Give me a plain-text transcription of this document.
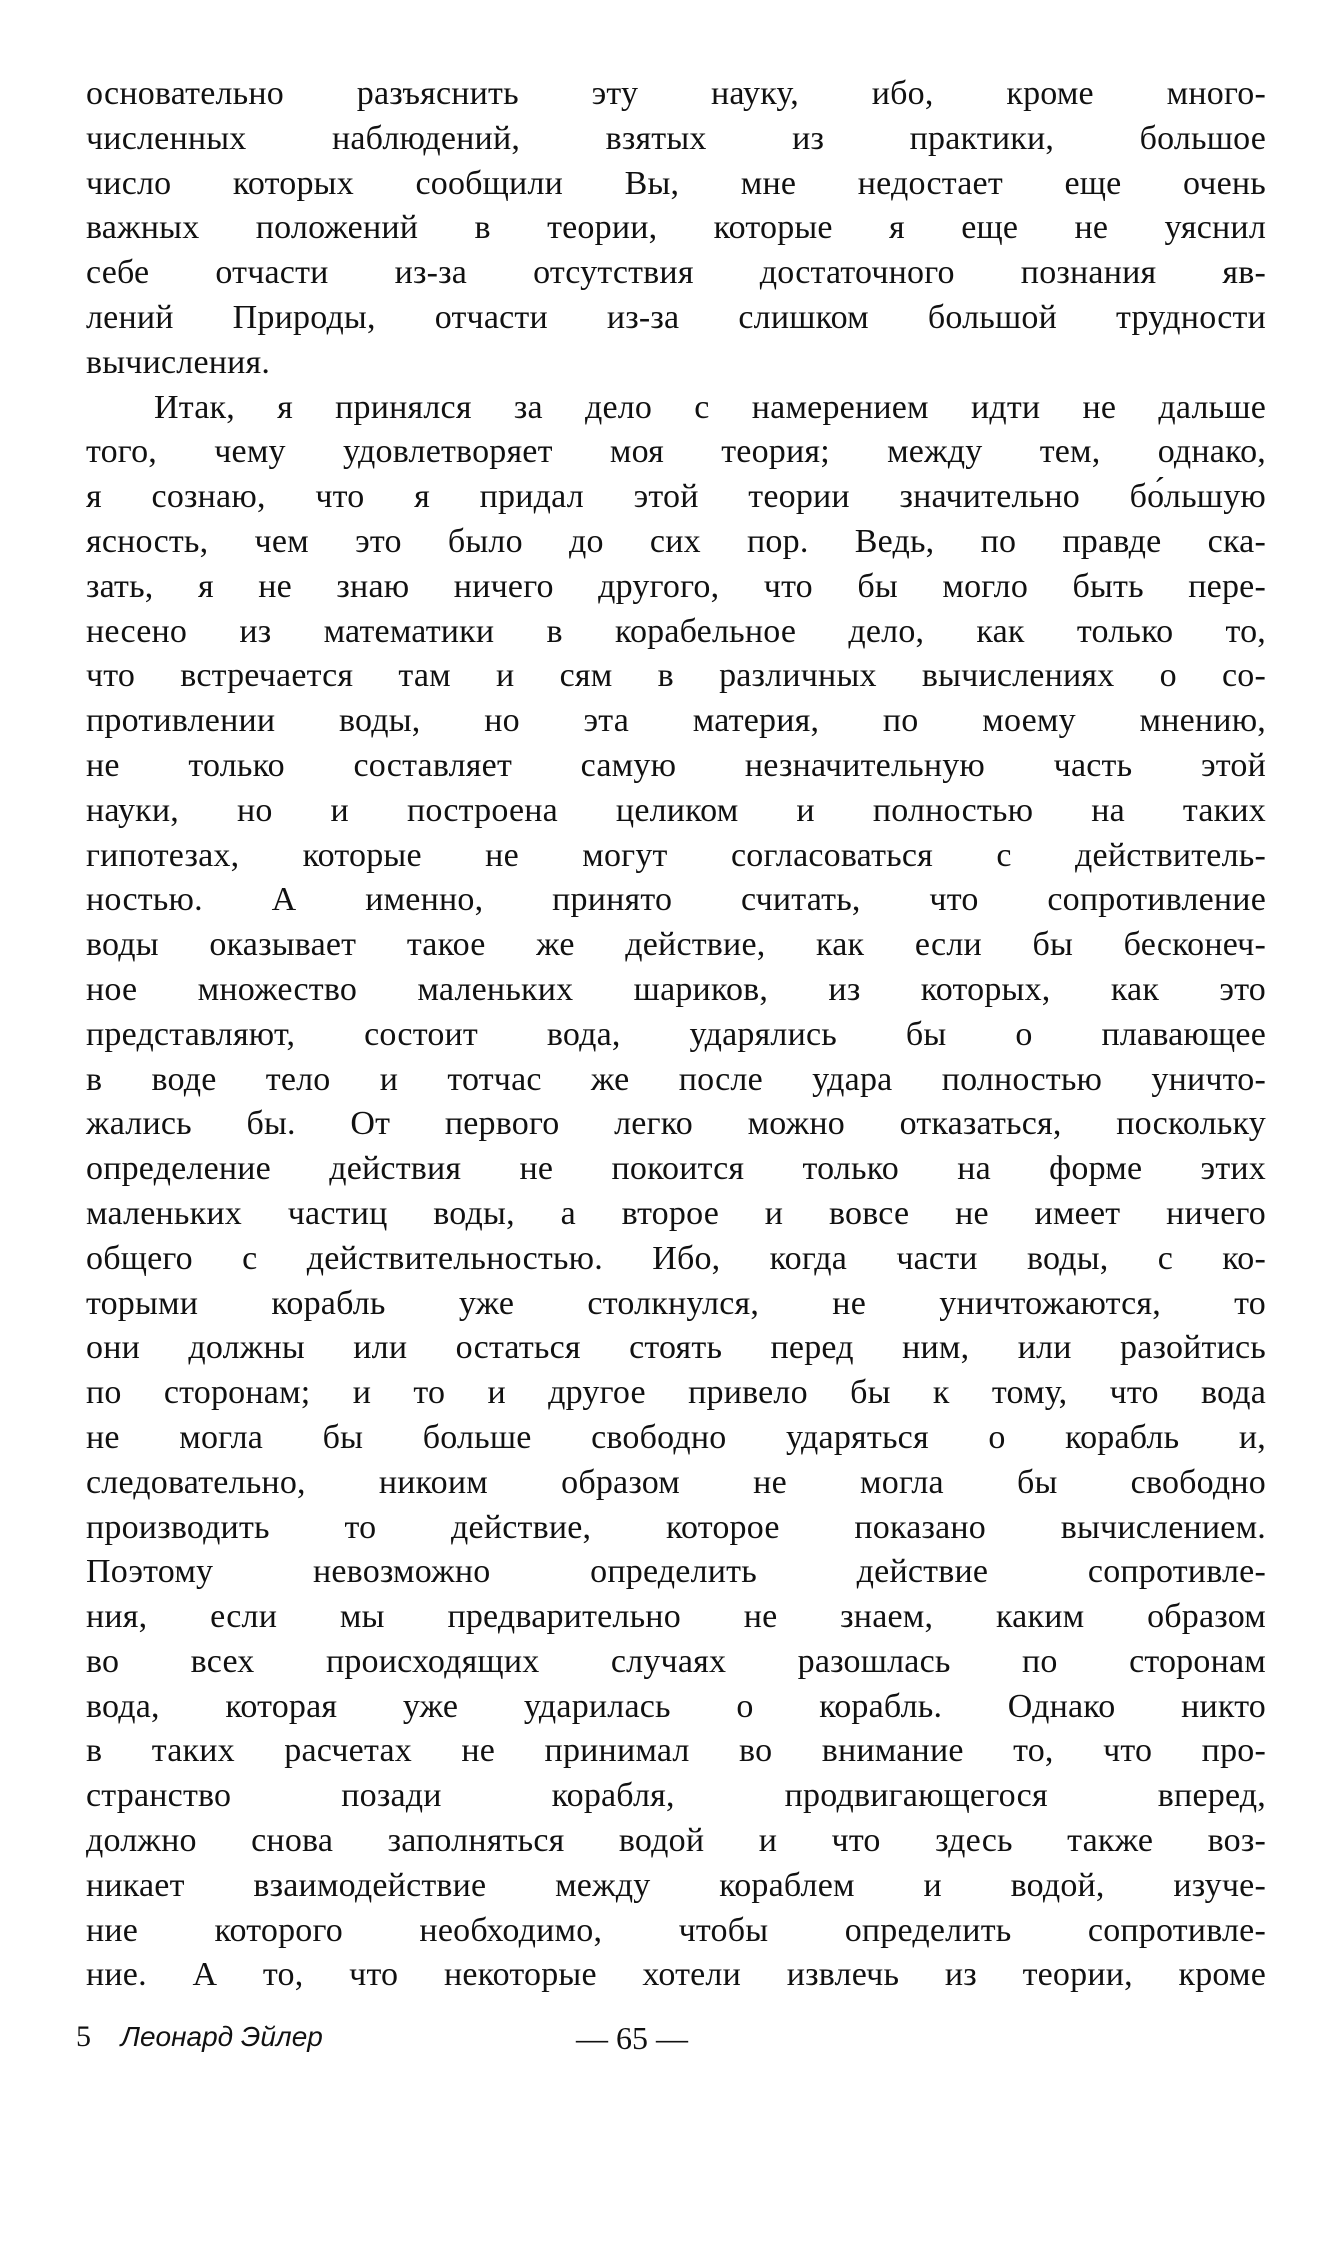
основательно разъяснить эту науку, ибо, кроме много-
численных наблюдений, взятых из практики, большое
число которых сообщили Вы, мне недостает еще очень
важных положений в теории, которые я еще не уяснил
себе отчасти из-за отсутствия достаточного познания яв-
лений Природы, отчасти из-за слишком большой трудности
вычисления.
Итак, я принялся за дело с намерением идти не дальше
того, чему удовлетворяет моя теория; между тем, однако,
я сознаю, что я придал этой теории значительно бо́льшую
ясность, чем это было до сих пор. Ведь, по правде ска-
зать, я не знаю ничего другого, что бы могло быть пере-
несено из математики в корабельное дело, как только то,
что встречается там и сям в различных вычислениях о со-
противлении воды, но эта материя, по моему мнению,
не только составляет самую незначительную часть этой
науки, но и построена целиком и полностью на таких
гипотезах, которые не могут согласоваться с действитель-
ностью. А именно, принято считать, что сопротивление
воды оказывает такое же действие, как если бы бесконеч-
ное множество маленьких шариков, из которых, как это
представляют, состоит вода, ударялись бы о плавающее
в воде тело и тотчас же после удара полностью уничто-
жались бы. От первого легко можно отказаться, поскольку
определение действия не покоится только на форме этих
маленьких частиц воды, а второе и вовсе не имеет ничего
общего с действительностью. Ибо, когда части воды, с ко-
торыми корабль уже столкнулся, не уничтожаются, то
они должны или остаться стоять перед ним, или разойтись
по сторонам; и то и другое привело бы к тому, что вода
не могла бы больше свободно ударяться о корабль и,
следовательно, никоим образом не могла бы свободно
производить то действие, которое показано вычислением.
Поэтому невозможно определить действие сопротивле-
ния, если мы предварительно не знаем, каким образом
во всех происходящих случаях разошлась по сторонам
вода, которая уже ударилась о корабль. Однако никто
в таких расчетах не принимал во внимание то, что про-
странство позади корабля, продвигающегося вперед,
должно снова заполняться водой и что здесь также воз-
никает взаимодействие между кораблем и водой, изуче-
ние которого необходимо, чтобы определить сопротивле-
ние. А то, что некоторые хотели извлечь из теории, кроме
5 Леонард Эйлер	— 65 —
